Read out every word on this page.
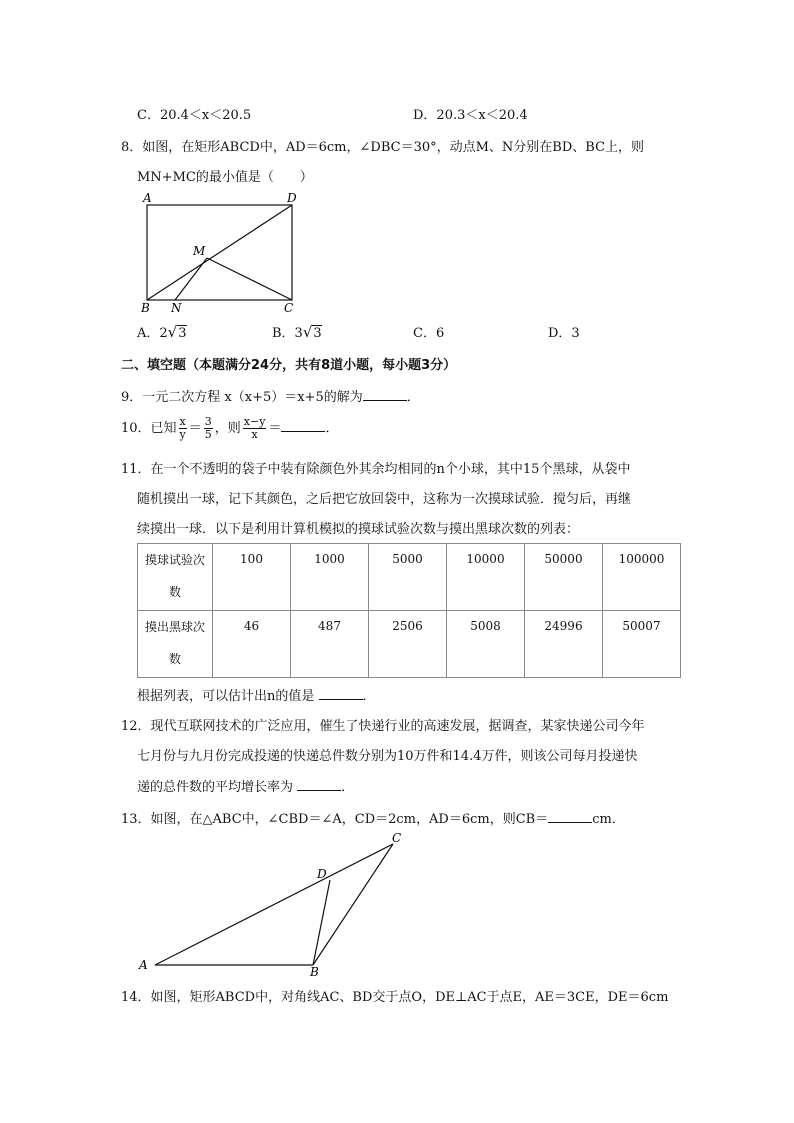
C．20.4＜x＜20.5	D．20.3＜x＜20.4
8．如图，在矩形ABCD中，AD＝6cm，∠DBC＝30°，动点M、N分别在BD、BC上，则
MN+MC的最小值是（　　）
A	D
B N	C
M
A．2√3	B．3√3	C．6	D．3
二、填空题（本题满分24分，共有8道小题，每小题3分）
9．一元二次方程 x（x+5）＝x+5的解为	．
10．已知 $\frac{x}{y} = \frac{3}{5}$ ，则 $\frac{x-y}{x}$ ＝	．
11．在一个不透明的袋子中装有除颜色外其余均相同的n个小球，其中15个黑球，从袋中
随机摸出一球，记下其颜色，之后把它放回袋中，这称为一次摸球试验．搅匀后，再继
续摸出一球．以下是利用计算机模拟的摸球试验次数与摸出黑球次数的列表：
摸球试验次
数	100	1000	5000	10000	50000	100000
摸出黑球次
数	46	487	2506	5008	24996	50007
根据列表，可以估计出n的值是	．
12．现代互联网技术的广泛应用，催生了快递行业的高速发展，据调查，某家快递公司今年
七月份与九月份完成投递的快递总件数分别为10万件和14.4万件，则该公司每月投递快
递的总件数的平均增长率为	．
13．如图，在△ABC中，∠CBD＝∠A，CD＝2cm，AD＝6cm，则CB＝	cm．
A	B
C
D
14．如图，矩形ABCD中，对角线AC、BD交于点O，DE⊥AC于点E，AE＝3CE，DE＝6cm
